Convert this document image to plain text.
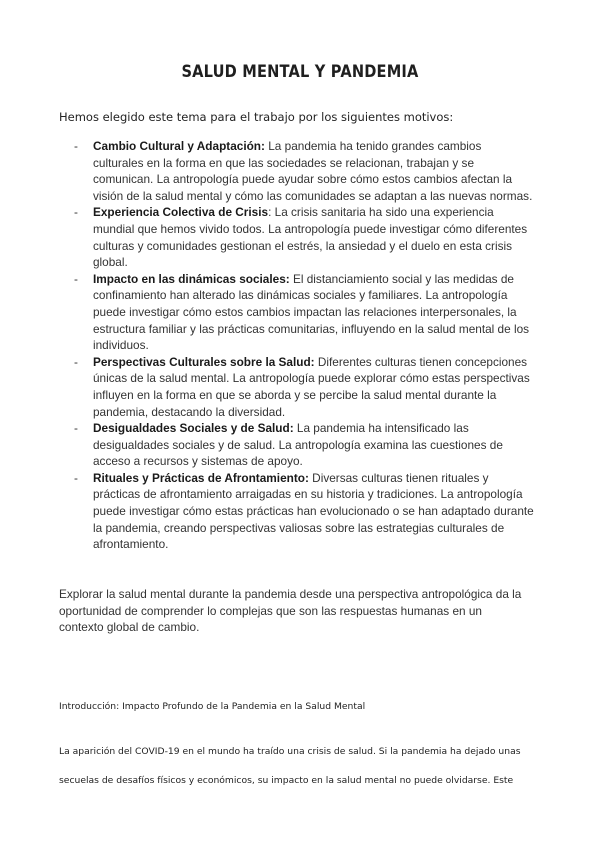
SALUD MENTAL Y PANDEMIA
Hemos elegido este tema para el trabajo por los siguientes motivos:
- Cambio Cultural y Adaptación: La pandemia ha tenido grandes cambios culturales en la forma en que las sociedades se relacionan, trabajan y se comunican. La antropología puede ayudar sobre cómo estos cambios afectan la visión de la salud mental y cómo las comunidades se adaptan a las nuevas normas.
- Experiencia Colectiva de Crisis: La crisis sanitaria ha sido una experiencia mundial que hemos vivido todos. La antropología puede investigar cómo diferentes culturas y comunidades gestionan el estrés, la ansiedad y el duelo en esta crisis global.
- Impacto en las dinámicas sociales: El distanciamiento social y las medidas de confinamiento han alterado las dinámicas sociales y familiares. La antropología puede investigar cómo estos cambios impactan las relaciones interpersonales, la estructura familiar y las prácticas comunitarias, influyendo en la salud mental de los individuos.
- Perspectivas Culturales sobre la Salud: Diferentes culturas tienen concepciones únicas de la salud mental. La antropología puede explorar cómo estas perspectivas influyen en la forma en que se aborda y se percibe la salud mental durante la pandemia, destacando la diversidad.
- Desigualdades Sociales y de Salud: La pandemia ha intensificado las desigualdades sociales y de salud. La antropología examina las cuestiones de acceso a recursos y sistemas de apoyo.
- Rituales y Prácticas de Afrontamiento: Diversas culturas tienen rituales y prácticas de afrontamiento arraigadas en su historia y tradiciones. La antropología puede investigar cómo estas prácticas han evolucionado o se han adaptado durante la pandemia, creando perspectivas valiosas sobre las estrategias culturales de afrontamiento.
Explorar la salud mental durante la pandemia desde una perspectiva antropológica da la oportunidad de comprender lo complejas que son las respuestas humanas en un contexto global de cambio.
Introducción: Impacto Profundo de la Pandemia en la Salud Mental
La aparición del COVID-19 en el mundo ha traído una crisis de salud. Si la pandemia ha dejado unas secuelas de desafíos físicos y económicos, su impacto en la salud mental no puede olvidarse. Este
